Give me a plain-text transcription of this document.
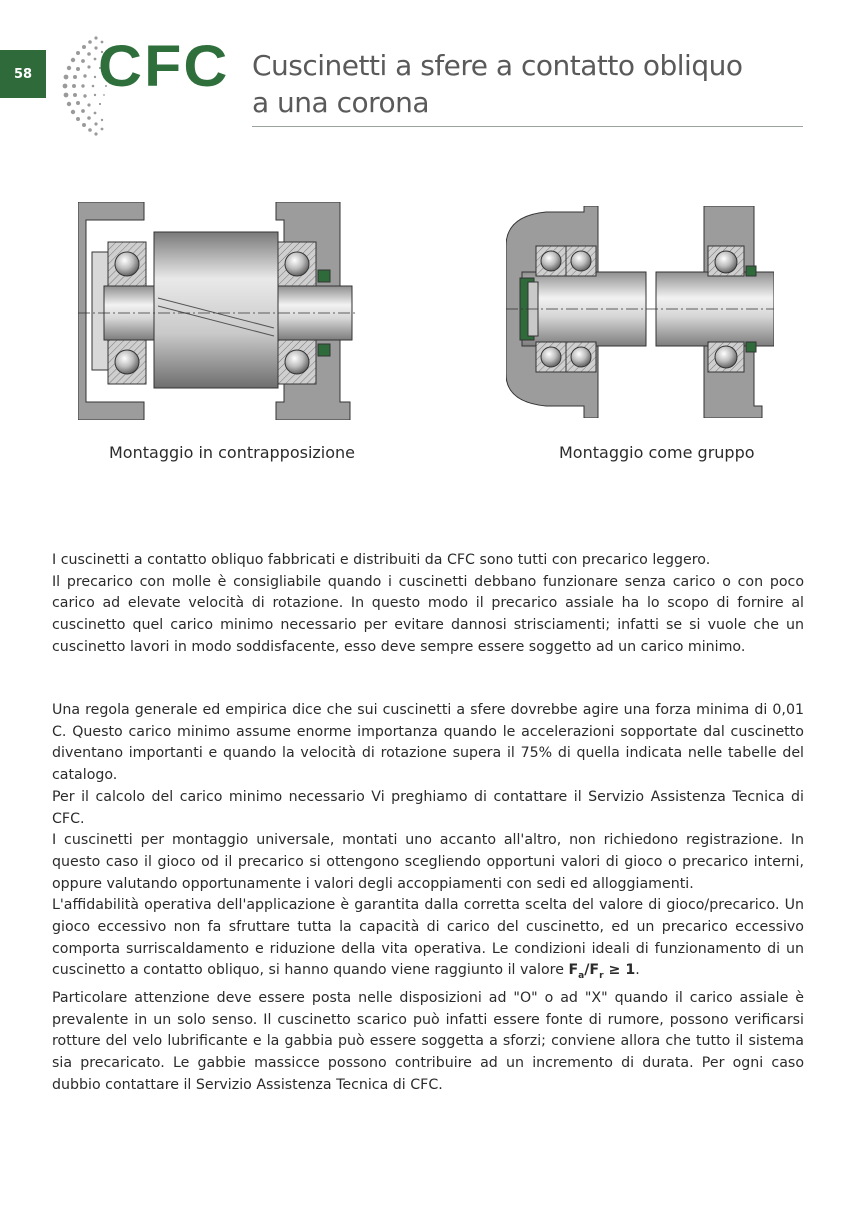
58 CFC Cuscinetti a sfere a contatto obliquo
a una corona
Montaggio in contrapposizione	Montaggio come gruppo

I cuscinetti a contatto obliquo fabbricati e distribuiti da CFC sono tutti con precarico leggero.

Il precarico con molle è consigliabile quando i cuscinetti debbano funzionare senza carico o con poco carico ad elevate velocità di rotazione. In questo modo il precarico assiale ha lo scopo di fornire al cuscinetto quel carico minimo necessario per evitare dannosi strisciamenti; infatti se si vuole che un cuscinetto lavori in modo soddisfacente, esso deve sempre essere soggetto ad un carico minimo.

Una regola generale ed empirica dice che sui cuscinetti a sfere dovrebbe agire una forza minima di 0,01 C. Questo carico minimo assume enorme importanza quando le accelerazioni sopportate dal cuscinetto diventano importanti e quando la velocità di rotazione supera il 75% di quella indicata nelle tabelle del catalogo.

Per il calcolo del carico minimo necessario Vi preghiamo di contattare il Servizio Assistenza Tecnica di CFC.

I cuscinetti per montaggio universale, montati uno accanto all'altro, non richiedono registrazione. In questo caso il gioco od il precarico si ottengono scegliendo opportuni valori di gioco o precarico interni, oppure valutando opportunamente i valori degli accoppiamenti con sedi ed alloggiamenti.

L'affidabilità operativa dell'applicazione è garantita dalla corretta scelta del valore di gioco/precarico. Un gioco eccessivo non fa sfruttare tutta la capacità di carico del cuscinetto, ed un precarico eccessivo comporta surriscaldamento e riduzione della vita operativa. Le condizioni ideali di funzionamento di un cuscinetto a contatto obliquo, si hanno quando viene raggiunto il valore $F_a/F_r \ge 1$.

Particolare attenzione deve essere posta nelle disposizioni ad "O" o ad "X" quando il carico assiale è prevalente in un solo senso. Il cuscinetto scarico può infatti essere fonte di rumore, possono verificarsi rotture del velo lubrificante e la gabbia può essere soggetta a sforzi; conviene allora che tutto il sistema sia precaricato. Le gabbie massicce possono contribuire ad un incremento di durata. Per ogni caso dubbio contattare il Servizio Assistenza Tecnica di CFC.
